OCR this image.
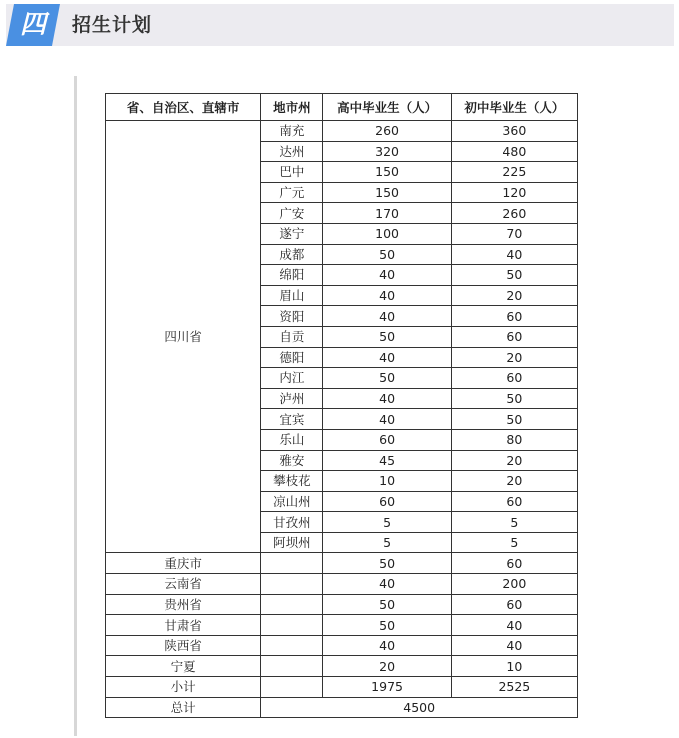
四	招生计划
省、自治区、直辖市	地市州	高中毕业生（人）	初中毕业生（人）
四川省	南充	260	360
	达州	320	480
	巴中	150	225
	广元	150	120
	广安	170	260
	遂宁	100	70
	成都	50	40
	绵阳	40	50
	眉山	40	20
	资阳	40	60
	自贡	50	60
	德阳	40	20
	内江	50	60
	泸州	40	50
	宜宾	40	50
	乐山	60	80
	雅安	45	20
	攀枝花	10	20
	凉山州	60	60
	甘孜州	5	5
	阿坝州	5	5
重庆市		50	60
云南省		40	200
贵州省		50	60
甘肃省		50	40
陕西省		40	40
宁夏		20	10
小计		1975	2525
总计	4500		
